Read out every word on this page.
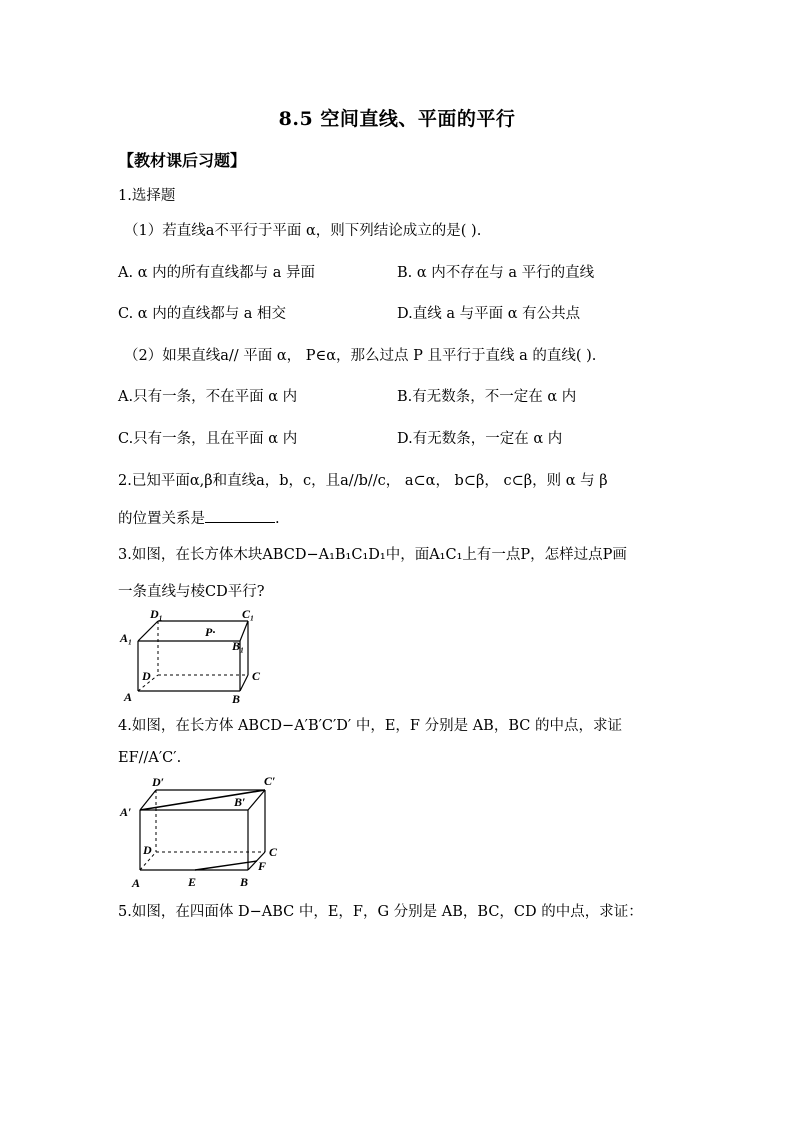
8.5 空间直线、平面的平行
【教材课后习题】
1.选择题
（1）若直线a不平行于平面 α，则下列结论成立的是( ).
A. α 内的所有直线都与 a 异面	B. α 内不存在与 a 平行的直线
C. α 内的直线都与 a 相交	D.直线 a 与平面 α 有公共点
（2）如果直线a// 平面 α， P∈α，那么过点 P 且平行于直线 a 的直线( ).
A.只有一条，不在平面 α 内	B.有无数条，不一定在 α 内
C.只有一条，且在平面 α 内	D.有无数条，一定在 α 内
2.已知平面α,β和直线a，b，c，且a//b//c， a⊂α， b⊂β， c⊂β，则 α 与 β
的位置关系是	.
3.如图，在长方体木块ABCD−A₁B₁C₁D₁中，面A₁C₁上有一点P，怎样过点P画
一条直线与棱CD平行?
D₁	C₁
A₁	P·
B₁
D	C
A	B
4.如图，在长方体 ABCD−A′B′C′D′ 中，E，F 分别是 AB，BC 的中点，求证
EF//A′C′.
D′	C′
A′
B′
D	C
F
A	E	B
5.如图，在四面体 D−ABC 中，E，F，G 分别是 AB，BC，CD 的中点，求证：
